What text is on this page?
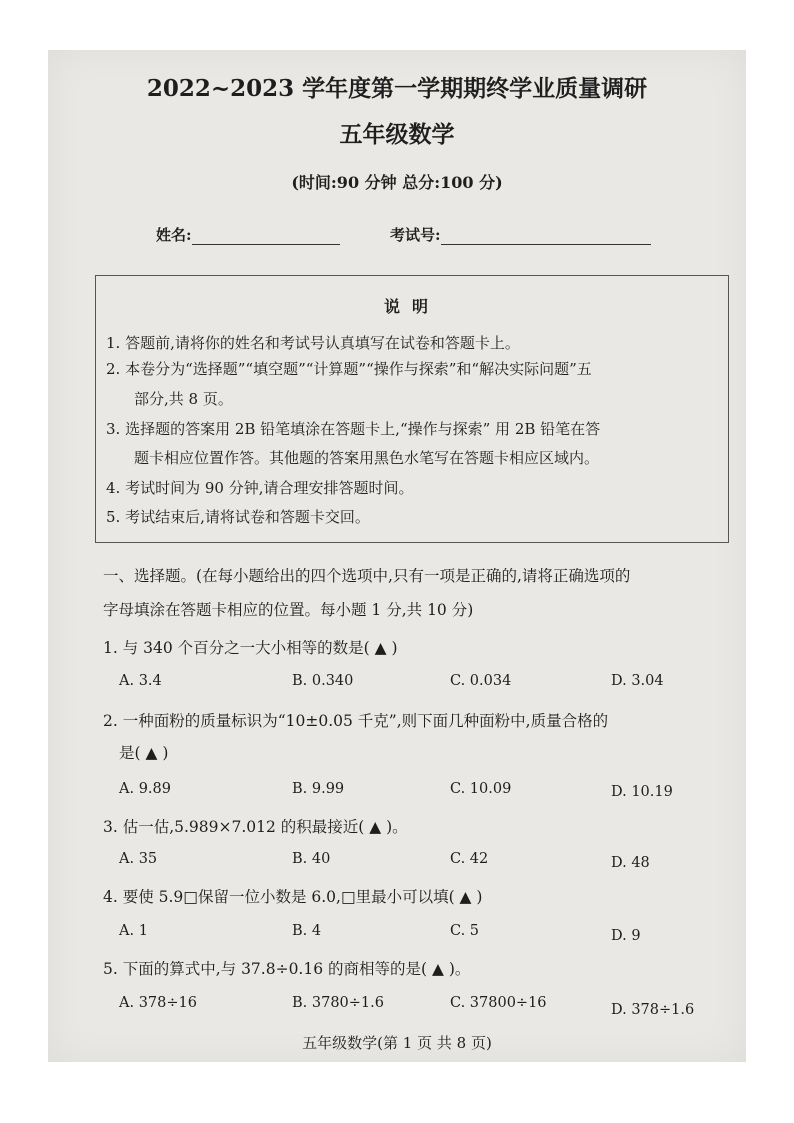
2022~2023 学年度第一学期期终学业质量调研
五年级数学
(时间:90 分钟 总分:100 分)
姓名:	考试号:
说明
1. 答题前,请将你的姓名和考试号认真填写在试卷和答题卡上。
2. 本卷分为“选择题”“填空题”“计算题”“操作与探索”和“解决实际问题”五
部分,共 8 页。
3. 选择题的答案用 2B 铅笔填涂在答题卡上,“操作与探索” 用 2B 铅笔在答
题卡相应位置作答。其他题的答案用黑色水笔写在答题卡相应区域内。
4. 考试时间为 90 分钟,请合理安排答题时间。
5. 考试结束后,请将试卷和答题卡交回。
一、选择题。(在每小题给出的四个选项中,只有一项是正确的,请将正确选项的
字母填涂在答题卡相应的位置。每小题 1 分,共 10 分)
1. 与 340 个百分之一大小相等的数是( ▲ )
A. 3.4	B. 0.340	C. 0.034	D. 3.04
2. 一种面粉的质量标识为“10±0.05 千克”,则下面几种面粉中,质量合格的
是( ▲ )
A. 9.89	B. 9.99	C. 10.09	D. 10.19
3. 估一估,5.989×7.012 的积最接近( ▲ )。
A. 35	B. 40	C. 42	D. 48
4. 要使 5.9□保留一位小数是 6.0,□里最小可以填( ▲ )
A. 1	B. 4	C. 5	D. 9
5. 下面的算式中,与 37.8÷0.16 的商相等的是( ▲ )。
A. 378÷16	B. 3780÷1.6	C. 37800÷16	D. 378÷1.6
五年级数学(第 1 页 共 8 页)
